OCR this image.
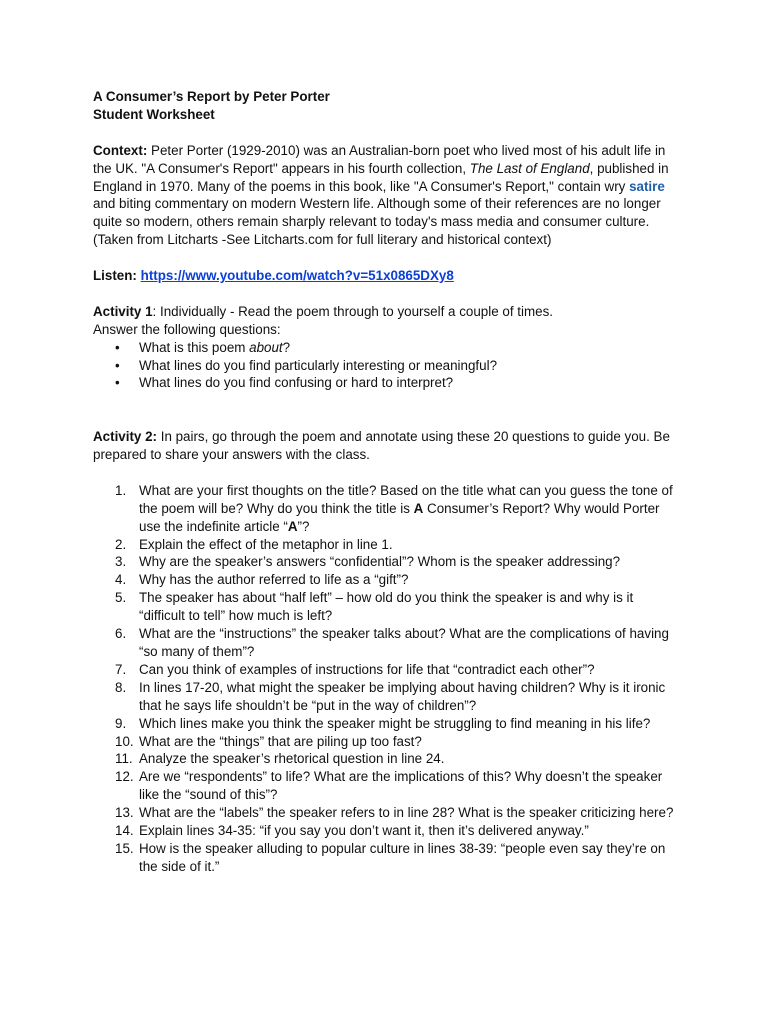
A Consumer’s Report by Peter Porter

Student Worksheet

Context: Peter Porter (1929-2010) was an Australian-born poet who lived most of his adult life in the UK. "A Consumer's Report" appears in his fourth collection, The Last of England, published in England in 1970. Many of the poems in this book, like "A Consumer's Report," contain wry satire and biting commentary on modern Western life. Although some of their references are no longer quite so modern, others remain sharply relevant to today's mass media and consumer culture. (Taken from Litcharts -See Litcharts.com for full literary and historical context)

Listen: https://www.youtube.com/watch?v=51x0865DXy8

Activity 1: Individually - Read the poem through to yourself a couple of times.

Answer the following questions:

• What is this poem about?
• What lines do you find particularly interesting or meaningful?
• What lines do you find confusing or hard to interpret?

Activity 2: In pairs, go through the poem and annotate using these 20 questions to guide you. Be prepared to share your answers with the class.

1. What are your first thoughts on the title? Based on the title what can you guess the tone of the poem will be? Why do you think the title is A Consumer’s Report? Why would Porter use the indefinite article “A”?
2. Explain the effect of the metaphor in line 1.
3. Why are the speaker’s answers “confidential”? Whom is the speaker addressing?
4. Why has the author referred to life as a “gift”?
5. The speaker has about “half left” – how old do you think the speaker is and why is it “difficult to tell” how much is left?
6. What are the “instructions” the speaker talks about? What are the complications of having “so many of them”?
7. Can you think of examples of instructions for life that “contradict each other”?
8. In lines 17-20, what might the speaker be implying about having children? Why is it ironic that he says life shouldn’t be “put in the way of children”?
9. Which lines make you think the speaker might be struggling to find meaning in his life?
10. What are the “things” that are piling up too fast?
11. Analyze the speaker’s rhetorical question in line 24.
12. Are we “respondents” to life? What are the implications of this? Why doesn’t the speaker like the “sound of this”?
13. What are the “labels” the speaker refers to in line 28? What is the speaker criticizing here?
14. Explain lines 34-35: “if you say you don’t want it, then it’s delivered anyway.”
15. How is the speaker alluding to popular culture in lines 38-39: “people even say they’re on the side of it.”
